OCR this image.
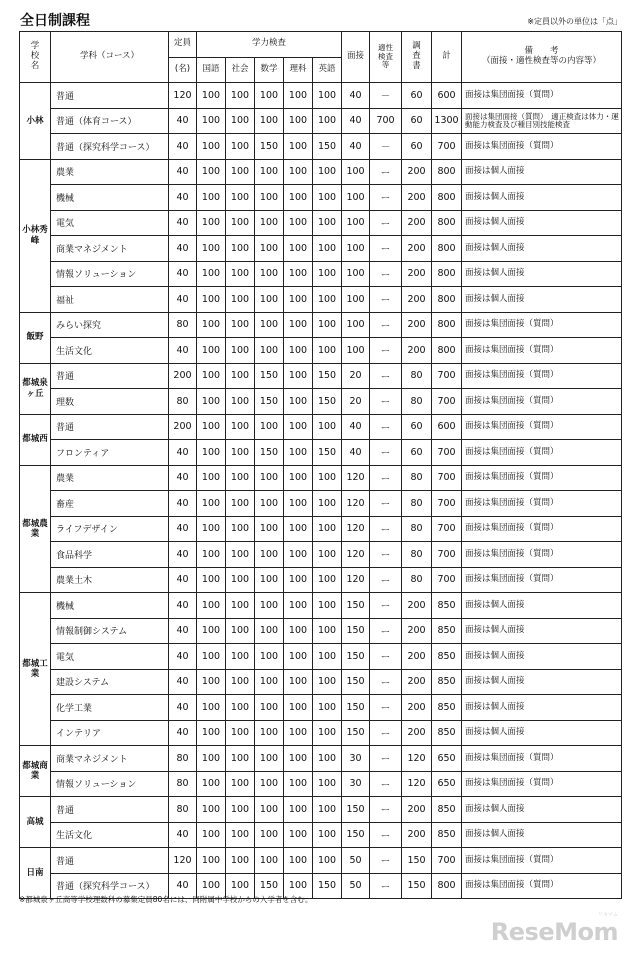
全日制課程	※定員以外の単位は「点」
学校名	学科（コース）	定員	学力検査					面接	適性検査等	調査書	計	備　　考
（面接・適性検査等の内容等）

		(名)	国語	社会	数学	理科	英語					
小林	普通	120	100	100	100	100	100	40	－	60	600	面接は集団面接（質問）
	普通（体育コース）	40	100	100	100	100	100	40	700	60	1300	面接は集団面接（質問）　適正検査は体力・運動能力検査及び種目別技能検査
	普通（探究科学コース）	40	100	100	150	100	150	40	－	60	700	面接は集団面接（質問）
小林秀峰	農業	40	100	100	100	100	100	100	ー	200	800	面接は個人面接
	機械	40	100	100	100	100	100	100	ー	200	800	面接は個人面接
	電気	40	100	100	100	100	100	100	ー	200	800	面接は個人面接
	商業マネジメント	40	100	100	100	100	100	100	ー	200	800	面接は個人面接
	情報ソリューション	40	100	100	100	100	100	100	ー	200	800	面接は個人面接
	福祉	40	100	100	100	100	100	100	ー	200	800	面接は個人面接
飯野	みらい探究	80	100	100	100	100	100	100	ー	200	800	面接は集団面接（質問）
	生活文化	40	100	100	100	100	100	100	ー	200	800	面接は集団面接（質問）
都城泉ヶ丘	普通	200	100	100	150	100	150	20	ー	80	700	面接は集団面接（質問）
	理数	80	100	100	150	100	150	20	ー	80	700	面接は集団面接（質問）
都城西	普通	200	100	100	100	100	100	40	ー	60	600	面接は集団面接（質問）
	フロンティア	40	100	100	150	100	150	40	ー	60	700	面接は集団面接（質問）
都城農業	農業	40	100	100	100	100	100	120	ー	80	700	面接は集団面接（質問）
	畜産	40	100	100	100	100	100	120	ー	80	700	面接は集団面接（質問）
	ライフデザイン	40	100	100	100	100	100	120	ー	80	700	面接は集団面接（質問）
	食品科学	40	100	100	100	100	100	120	ー	80	700	面接は集団面接（質問）
	農業土木	40	100	100	100	100	100	120	ー	80	700	面接は集団面接（質問）
都城工業	機械	40	100	100	100	100	100	150	ー	200	850	面接は個人面接
	情報制御システム	40	100	100	100	100	100	150	ー	200	850	面接は個人面接
	電気	40	100	100	100	100	100	150	ー	200	850	面接は個人面接
	建設システム	40	100	100	100	100	100	150	ー	200	850	面接は個人面接
	化学工業	40	100	100	100	100	100	150	ー	200	850	面接は個人面接
	インテリア	40	100	100	100	100	100	150	ー	200	850	面接は個人面接
都城商業	商業マネジメント	80	100	100	100	100	100	30	ー	120	650	面接は集団面接（質問）
	情報ソリューション	80	100	100	100	100	100	30	ー	120	650	面接は集団面接（質問）
高城	普通	80	100	100	100	100	100	150	ー	200	850	面接は個人面接
	生活文化	40	100	100	100	100	100	150	ー	200	850	面接は個人面接
日南	普通	120	100	100	100	100	100	50	ー	150	700	面接は集団面接（質問）
	普通（探究科学コース）	40	100	100	150	100	150	50	ー	150	800	面接は集団面接（質問）
※都城泉ヶ丘高等学校理数科の募集定員80名には、同附属中学校からの入学者を含む。
リセマム
ReseMom
